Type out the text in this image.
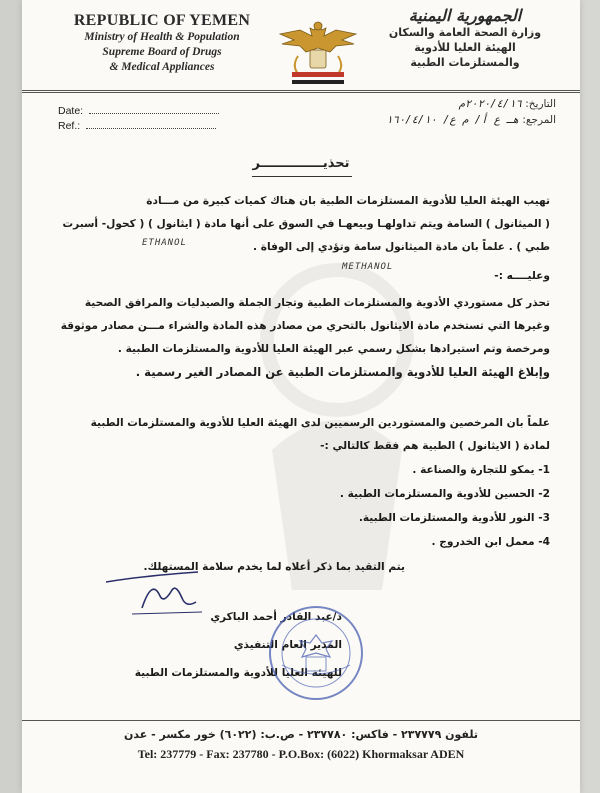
REPUBLIC OF YEMEN
Ministry of Health & Population
Supreme Board of Drugs
& Medical Appliances
الجمهورية اليمنية
وزارة الصحة العامة والسكان
الهيئة العليا للأدوية
والمستلزمات الطبية
Date:
Ref.:
التاريخ: ٢٠٢٠/٤/١٦م
المرجع: هـ ع أ/ م ع/ ١٦٠/٤/١٠
تحذيــــــــــــــر
تهيب الهيئة العليا للأدوية المستلزمات الطبية بان هناك كميات كبيرة من مـــادة
( الميثانول ) السامة ويتم تداولهـا وبيعهـا في السوق على أنها مادة ( ايثانول ) ( كحول- أسبرت
طبي ) . علماً بان مادة الميثانول سامة وتؤدي إلى الوفاة .
وعليــــه :-
ETHANOL
METHANOL
تحذر كل مستوردي الأدوية والمستلزمات الطبية وتجار الجملة والصيدليات والمرافق الصحية
وغيرها التي تستخدم مادة الايثانول بالتحري من مصادر هذه المادة والشراء مـــن مصادر موثوقة
ومرخصة وتم استيرادها بشكل رسمي عبر الهيئة العليا للأدوية والمستلزمات الطبية .
وإبلاغ الهيئة العليا للأدوية والمستلزمات الطبية عن المصادر الغير رسمية .
علماً بان المرخصين والمستوردين الرسميين لدى الهيئة العليا للأدوية والمستلزمات الطبية
لمادة ( الايثانول ) الطبية هم فقط كالتالي :-
1- يمكو للتجارة والصناعة .
2- الحسين للأدوية والمستلزمات الطبية .
3- النور للأدوية والمستلزمات الطبية.
4- معمل ابن الخدروج .
يتم التقيد بما ذكر أعلاه لما يخدم سلامة المستهلك.
د/عبد القادر أحمد الباكري
المدير العام التنفيذي
للهيئة العليا للأدوية والمستلزمات الطبية
تلفون ٢٣٧٧٧٩ - فاكس: ٢٣٧٧٨٠ - ص.ب: (٦٠٢٢) خور مكسر - عدن
Tel: 237779 - Fax: 237780 - P.O.Box: (6022) Khormaksar ADEN
